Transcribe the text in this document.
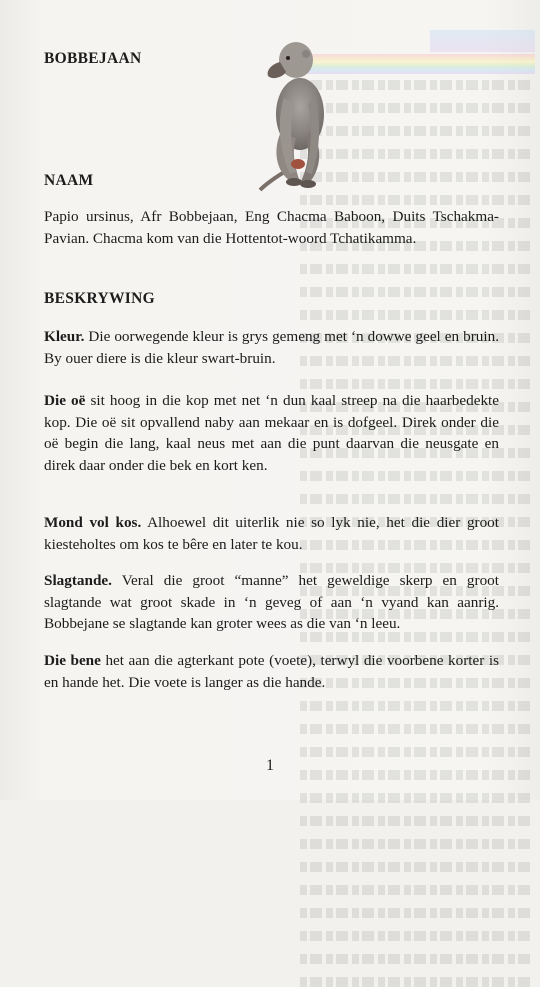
BOBBEJAAN
NAAM
Papio ursinus, Afr Bobbejaan, Eng Chacma Baboon, Duits Tschakma-Pavian. Chacma kom van die Hottentot-woord Tchatikamma.
BESKRYWING
Kleur. Die oorwegende kleur is grys gemeng met ‘n dowwe geel en bruin. By ouer diere is die kleur swart-bruin.
Die oë sit hoog in die kop met net ‘n dun kaal streep na die haarbedekte kop. Die oë sit opvallend naby aan mekaar en is dofgeel. Direk onder die oë begin die lang, kaal neus met aan die punt daarvan die neusgate en direk daar onder die bek en kort ken.
Mond vol kos. Alhoewel dit uiterlik nie so lyk nie, het die dier groot kiesteholtes om kos te bêre en later te kou.
Slagtande. Veral die groot “manne” het geweldige skerp en groot slagtande wat groot skade in ‘n geveg of aan ‘n vyand kan aanrig. Bobbejane se slagtande kan groter wees as die van ‘n leeu.
Die bene het aan die agterkant pote (voete), terwyl die voorbene korter is en hande het. Die voete is langer as die hande.
1
